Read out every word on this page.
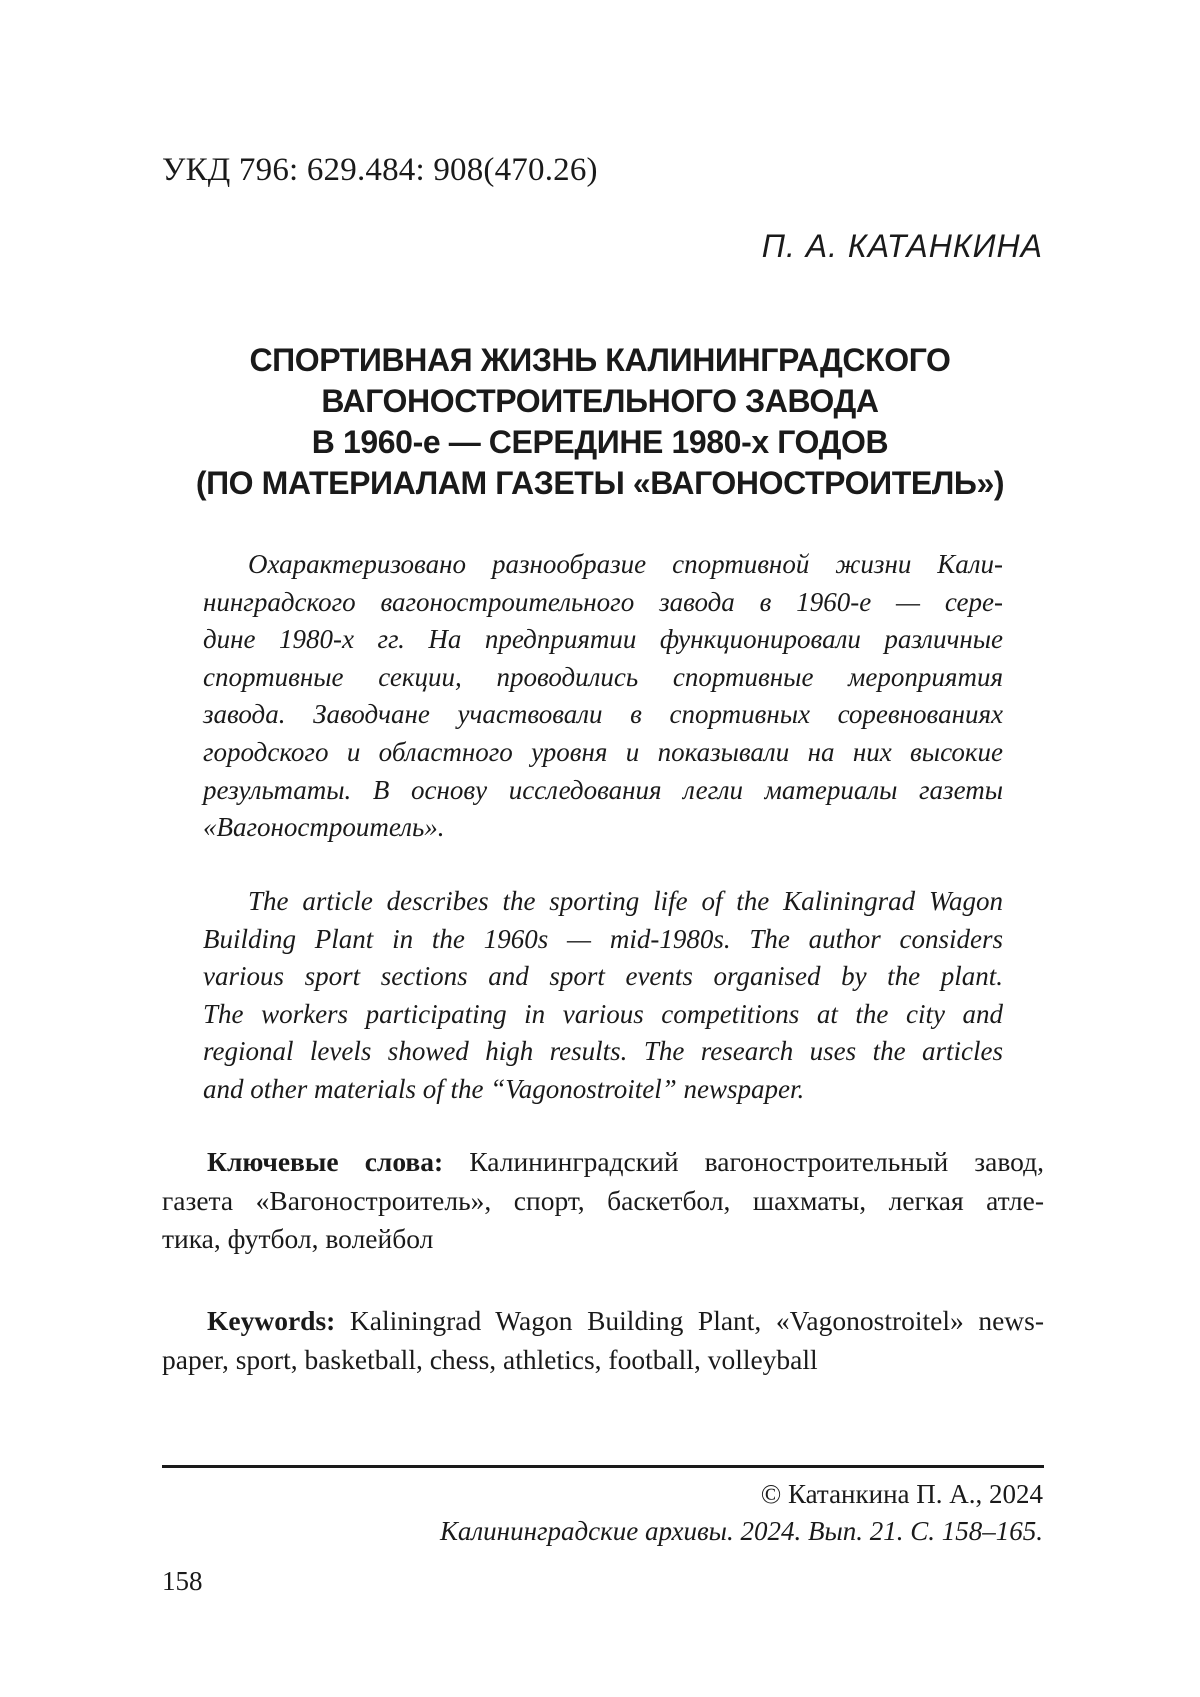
УКД 796: 629.484: 908(470.26)
П. А. КАТАНКИНА
СПОРТИВНАЯ ЖИЗНЬ КАЛИНИНГРАДСКОГО
ВАГОНОСТРОИТЕЛЬНОГО ЗАВОДА
В 1960-е — СЕРЕДИНЕ 1980-х ГОДОВ
(ПО МАТЕРИАЛАМ ГАЗЕТЫ «ВАГОНОСТРОИТЕЛЬ»)
Охарактеризовано разнообразие спортивной жизни Кали-
нинградского вагоностроительного завода в 1960-е — сере-
дине 1980-х гг. На предприятии функционировали различные
спортивные секции, проводились спортивные мероприятия
завода. Заводчане участвовали в спортивных соревнованиях
городского и областного уровня и показывали на них высокие
результаты. В основу исследования легли материалы газеты
«Вагоностроитель».
The article describes the sporting life of the Kaliningrad Wagon
Building Plant in the 1960s — mid-1980s. The author considers
various sport sections and sport events organised by the plant.
The workers participating in various competitions at the city and
regional levels showed high results. The research uses the articles
and other materials of the “Vagonostroitel” newspaper.
Ключевые слова: Калининградский вагоностроительный завод,
газета «Вагоностроитель», спорт, баскетбол, шахматы, легкая атле-
тика, футбол, волейбол
Keywords: Kaliningrad Wagon Building Plant, «Vagonostroitel» news-
paper, sport, basketball, chess, athletics, football, volleyball
© Катанкина П. А., 2024
Калининградские архивы. 2024. Вып. 21. С. 158–165.
158
